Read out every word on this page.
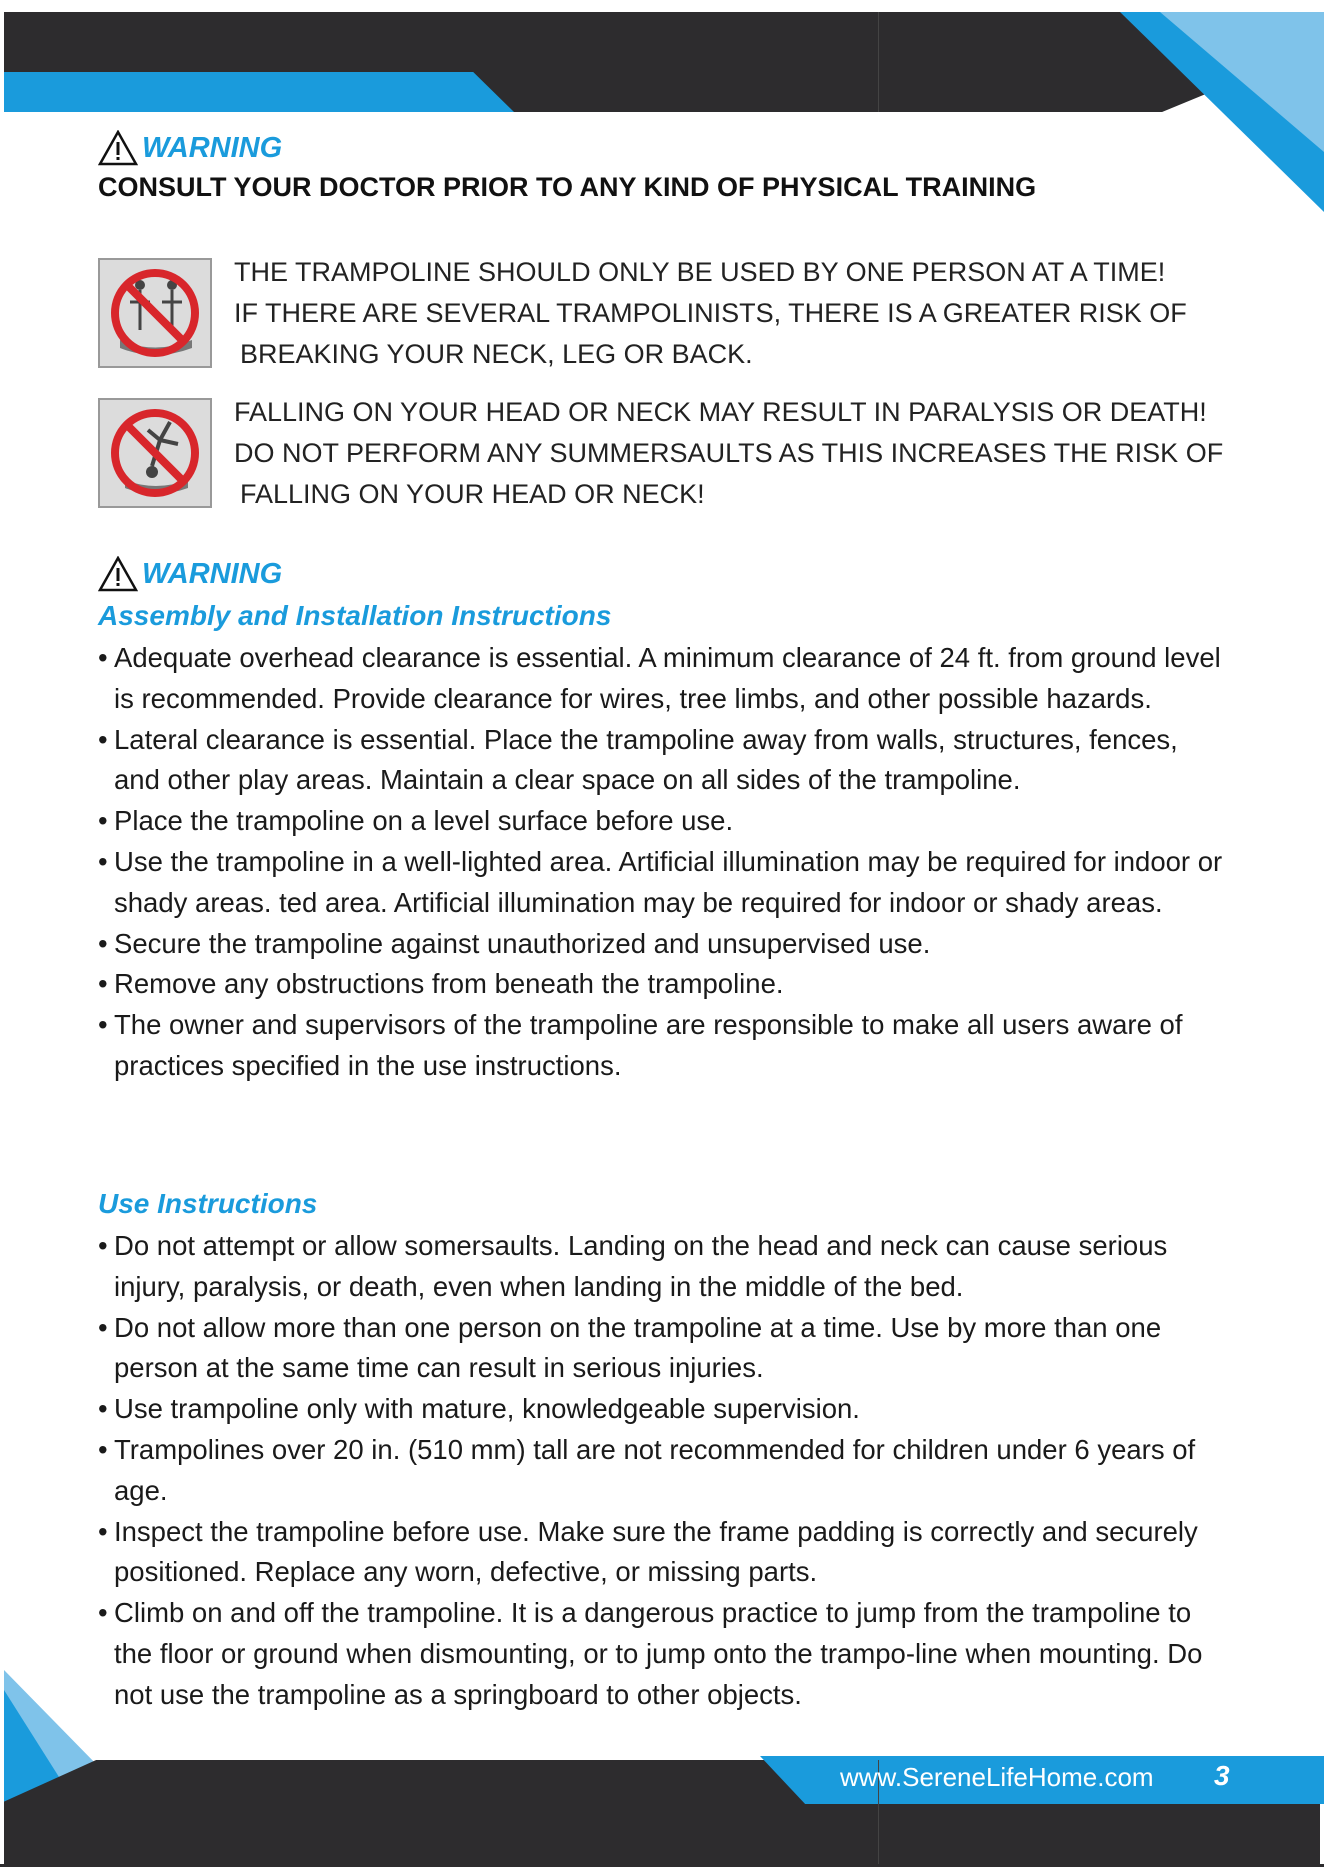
WARNING
CONSULT YOUR DOCTOR PRIOR TO ANY KIND OF PHYSICAL TRAINING
THE TRAMPOLINE SHOULD ONLY BE USED BY ONE PERSON AT A TIME!
IF THERE ARE SEVERAL TRAMPOLINISTS, THERE IS A GREATER RISK OF
BREAKING YOUR NECK, LEG OR BACK.
FALLING ON YOUR HEAD OR NECK MAY RESULT IN PARALYSIS OR DEATH!
DO NOT PERFORM ANY SUMMERSAULTS AS THIS INCREASES THE RISK OF
FALLING ON YOUR HEAD OR NECK!
WARNING
Assembly and Installation Instructions
• Adequate overhead clearance is essential. A minimum clearance of 24 ft. from ground level is recommended. Provide clearance for wires, tree limbs, and other possible hazards.
• Lateral clearance is essential. Place the trampoline away from walls, structures, fences, and other play areas. Maintain a clear space on all sides of the trampoline.
• Place the trampoline on a level surface before use.
• Use the trampoline in a well-lighted area. Artificial illumination may be required for indoor or shady areas. ted area. Artificial illumination may be required for indoor or shady areas.
• Secure the trampoline against unauthorized and unsupervised use.
• Remove any obstructions from beneath the trampoline.
• The owner and supervisors of the trampoline are responsible to make all users aware of practices specified in the use instructions.
Use Instructions
• Do not attempt or allow somersaults. Landing on the head and neck can cause serious injury, paralysis, or death, even when landing in the middle of the bed.
• Do not allow more than one person on the trampoline at a time. Use by more than one person at the same time can result in serious injuries.
• Use trampoline only with mature, knowledgeable supervision.
• Trampolines over 20 in. (510 mm) tall are not recommended for children under 6 years of age.
• Inspect the trampoline before use. Make sure the frame padding is correctly and securely positioned. Replace any worn, defective, or missing parts.
• Climb on and off the trampoline. It is a dangerous practice to jump from the trampoline to the floor or ground when dismounting, or to jump onto the trampo-line when mounting. Do not use the trampoline as a springboard to other objects.
www.SereneLifeHome.com 3
